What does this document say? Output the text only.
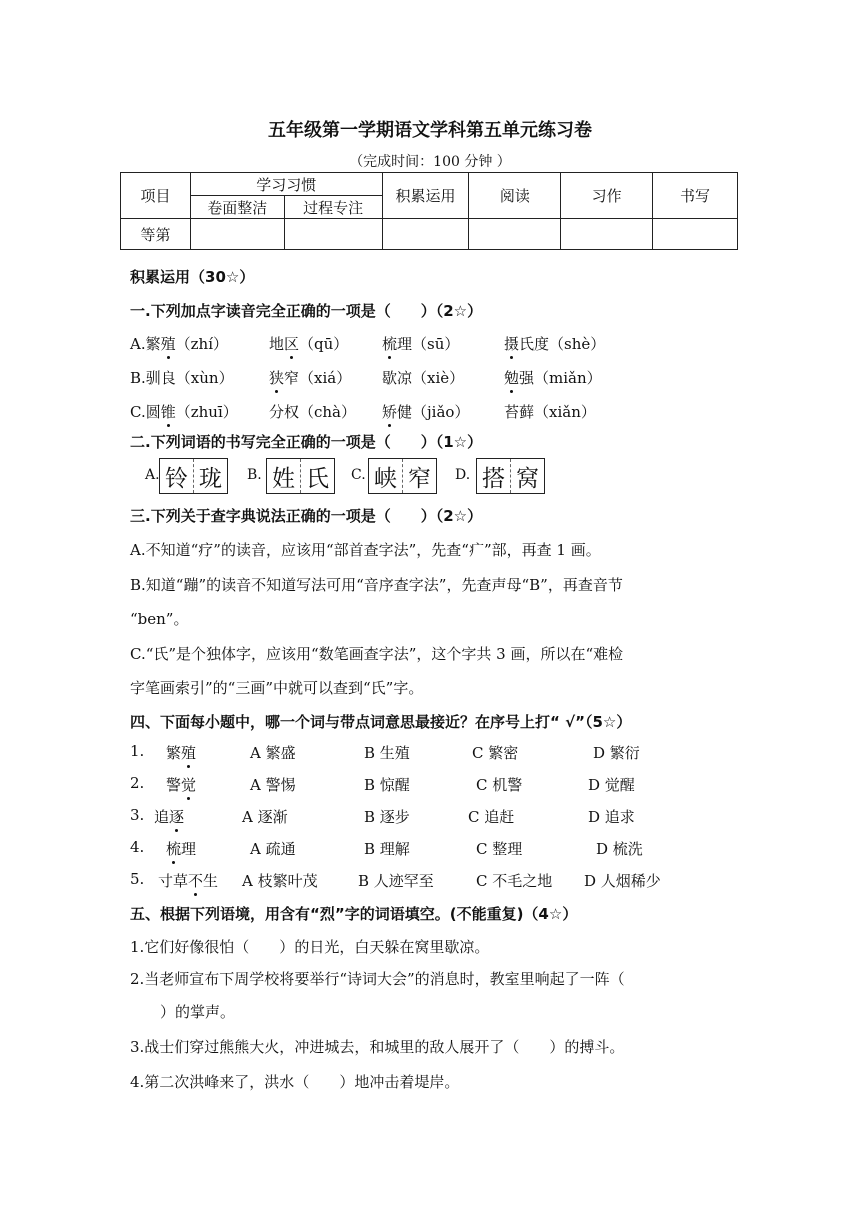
五年级第一学期语文学科第五单元练习卷
（完成时间：100 分钟 ）
项目	学习习惯		积累运用	阅读	习作	书写
	卷面整洁	过程专注				
等第						
积累运用（30☆）
一.下列加点字读音完全正确的一项是（　　）（2☆）
A.繁殖（zhí）	地区（qū） 梳理（sū）	摄氏度（shè）
B.驯良（xùn） 狭窄（xiá） 歇凉（xiè）	勉强（miǎn）
C.圆锥（zhuī） 分权（chà） 矫健（jiǎo） 苔藓（xiǎn）
二.下列词语的书写完全正确的一项是（　　）（1☆）
A. 铃 珑	B. 姓 氏	C. 峡 窄	D. 搭 窝
三.下列关于查字典说法正确的一项是（　　）（2☆）
A.不知道“疗”的读音，应该用“部首查字法”，先查“疒”部，再查 1 画。
B.知道“蹦”的读音不知道写法可用“音序查字法”，先查声母“B”，再查音节
“ben”。
C.“氏”是个独体字，应该用“数笔画查字法”，这个字共 3 画，所以在“难检
字笔画索引”的“三画”中就可以查到“氏”字。
四、下面每小题中，哪一个词与带点词意思最接近？在序号上打“ √”（5☆）
1. 繁殖	A 繁盛	B 生殖	C 繁密	D 繁衍
2. 警觉	A 警惕	B 惊醒	C 机警	D 觉醒
3. 追逐	A 逐渐	B 逐步	C 追赶	D 追求
4. 梳理	A 疏通	B 理解	C 整理	D 梳洗
5. 寸草不生 A 枝繁叶茂	B 人迹罕至	C 不毛之地 D 人烟稀少
五、根据下列语境，用含有“烈”字的词语填空。(不能重复)（4☆）
1.它们好像很怕（　　）的日光，白天躲在窝里歇凉。
2.当老师宣布下周学校将要举行“诗词大会”的消息时，教室里响起了一阵（
）的掌声。
3.战士们穿过熊熊大火，冲进城去，和城里的敌人展开了（　　）的搏斗。
4.第二次洪峰来了，洪水（　　）地冲击着堤岸。
